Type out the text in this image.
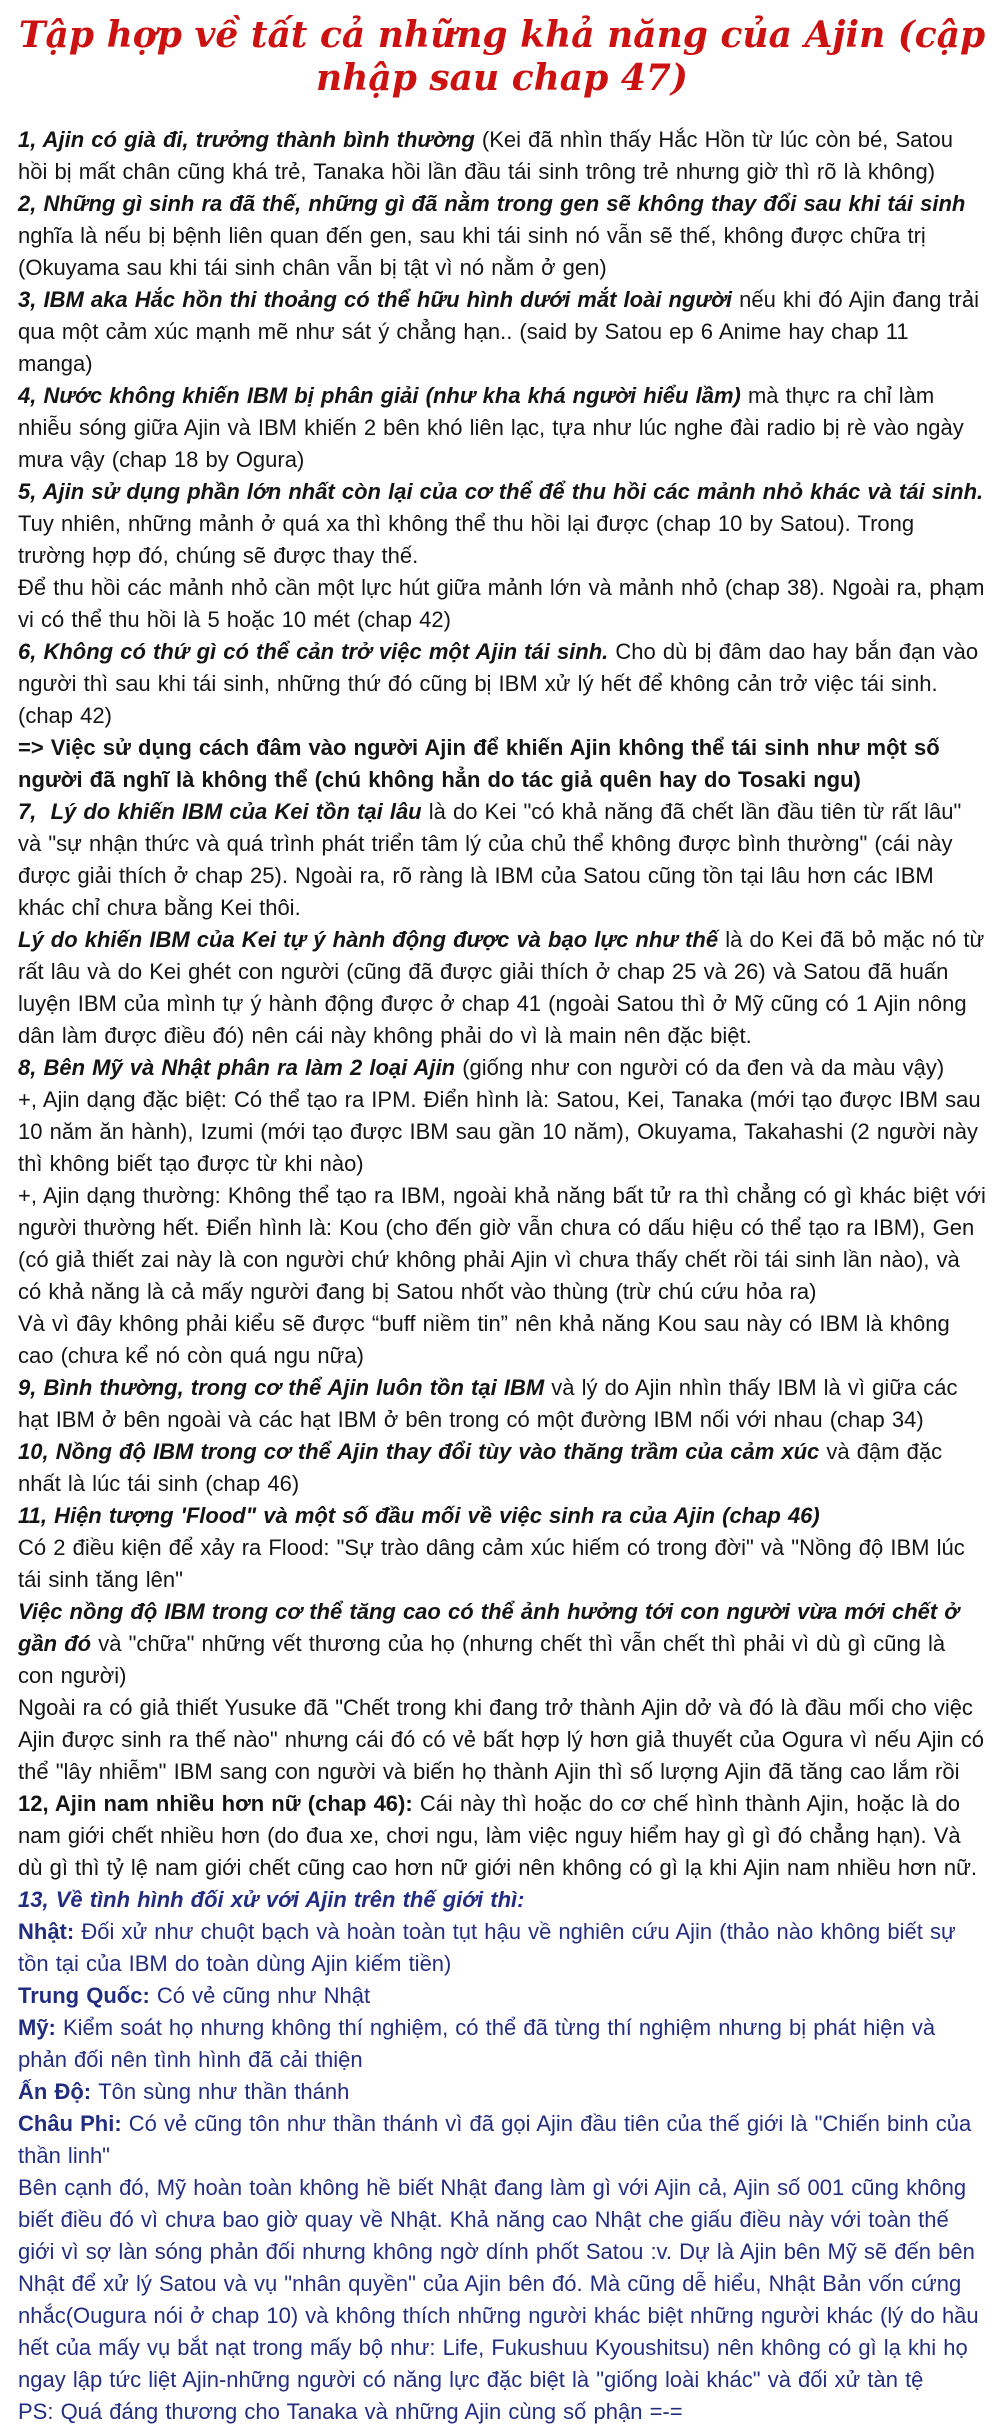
Tập hợp về tất cả những khả năng của Ajin (cập nhập sau chap 47)

1, Ajin có già đi, trưởng thành bình thường (Kei đã nhìn thấy Hắc Hồn từ lúc còn bé, Satou hồi bị mất chân cũng khá trẻ, Tanaka hồi lần đầu tái sinh trông trẻ nhưng giờ thì rõ là không)

2, Những gì sinh ra đã thế, những gì đã nằm trong gen sẽ không thay đổi sau khi tái sinh nghĩa là nếu bị bệnh liên quan đến gen, sau khi tái sinh nó vẫn sẽ thế, không được chữa trị (Okuyama sau khi tái sinh chân vẫn bị tật vì nó nằm ở gen)

3, IBM aka Hắc hồn thi thoảng có thể hữu hình dưới mắt loài người nếu khi đó Ajin đang trải qua một cảm xúc mạnh mẽ như sát ý chẳng hạn.. (said by Satou ep 6 Anime hay chap 11 manga)

4, Nước không khiến IBM bị phân giải (như kha khá người hiểu lầm) mà thực ra chỉ làm nhiễu sóng giữa Ajin và IBM khiến 2 bên khó liên lạc, tựa như lúc nghe đài radio bị rè vào ngày mưa vậy (chap 18 by Ogura)

5, Ajin sử dụng phần lớn nhất còn lại của cơ thể để thu hồi các mảnh nhỏ khác và tái sinh. Tuy nhiên, những mảnh ở quá xa thì không thể thu hồi lại được (chap 10 by Satou). Trong trường hợp đó, chúng sẽ được thay thế.

Để thu hồi các mảnh nhỏ cần một lực hút giữa mảnh lớn và mảnh nhỏ (chap 38). Ngoài ra, phạm vi có thể thu hồi là 5 hoặc 10 mét (chap 42)

6, Không có thứ gì có thể cản trở việc một Ajin tái sinh. Cho dù bị đâm dao hay bắn đạn vào người thì sau khi tái sinh, những thứ đó cũng bị IBM xử lý hết để không cản trở việc tái sinh. (chap 42)

=> Việc sử dụng cách đâm vào người Ajin để khiến Ajin không thể tái sinh như một số người đã nghĩ là không thể (chú không hẳn do tác giả quên hay do Tosaki ngu)

7,  Lý do khiến IBM của Kei tồn tại lâu là do Kei "có khả năng đã chết lần đầu tiên từ rất lâu" và "sự nhận thức và quá trình phát triển tâm lý của chủ thể không được bình thường" (cái này được giải thích ở chap 25). Ngoài ra, rõ ràng là IBM của Satou cũng tồn tại lâu hơn các IBM khác chỉ chưa bằng Kei thôi.

Lý do khiến IBM của Kei tự ý hành động được và bạo lực như thế là do Kei đã bỏ mặc nó từ rất lâu và do Kei ghét con người (cũng đã được giải thích ở chap 25 và 26) và Satou đã huấn luyện IBM của mình tự ý hành động được ở chap 41 (ngoài Satou thì ở Mỹ cũng có 1 Ajin nông dân làm được điều đó) nên cái này không phải do vì là main nên đặc biệt.

8, Bên Mỹ và Nhật phân ra làm 2 loại Ajin (giống như con người có da đen và da màu vậy)

+, Ajin dạng đặc biệt: Có thể tạo ra IPM. Điển hình là: Satou, Kei, Tanaka (mới tạo được IBM sau 10 năm ăn hành), Izumi (mới tạo được IBM sau gần 10 năm), Okuyama, Takahashi (2 người này thì không biết tạo được từ khi nào)

+, Ajin dạng thường: Không thể tạo ra IBM, ngoài khả năng bất tử ra thì chẳng có gì khác biệt với người thường hết. Điển hình là: Kou (cho đến giờ vẫn chưa có dấu hiệu có thể tạo ra IBM), Gen (có giả thiết zai này là con người chứ không phải Ajin vì chưa thấy chết rồi tái sinh lần nào), và có khả năng là cả mấy người đang bị Satou nhốt vào thùng (trừ chú cứu hỏa ra)

Và vì đây không phải kiểu sẽ được “buff niềm tin” nên khả năng Kou sau này có IBM là không cao (chưa kể nó còn quá ngu nữa)

9, Bình thường, trong cơ thể Ajin luôn tồn tại IBM và lý do Ajin nhìn thấy IBM là vì giữa các hạt IBM ở bên ngoài và các hạt IBM ở bên trong có một đường IBM nối với nhau (chap 34)

10, Nồng độ IBM trong cơ thể Ajin thay đổi tùy vào thăng trầm của cảm xúc và đậm đặc nhất là lúc tái sinh (chap 46)

11, Hiện tượng 'Flood" và một số đầu mối về việc sinh ra của Ajin (chap 46)

Có 2 điều kiện để xảy ra Flood: "Sự trào dâng cảm xúc hiếm có trong đời" và "Nồng độ IBM lúc tái sinh tăng lên"

Việc nồng độ IBM trong cơ thể tăng cao có thể ảnh hưởng tới con người vừa mới chết ở gần đó và "chữa" những vết thương của họ (nhưng chết thì vẫn chết thì phải vì dù gì cũng là con người)

Ngoài ra có giả thiết Yusuke đã "Chết trong khi đang trở thành Ajin dở và đó là đầu mối cho việc Ajin được sinh ra thế nào" nhưng cái đó có vẻ bất hợp lý hơn giả thuyết của Ogura vì nếu Ajin có thể "lây nhiễm" IBM sang con người và biến họ thành Ajin thì số lượng Ajin đã tăng cao lắm rồi

12, Ajin nam nhiều hơn nữ (chap 46): Cái này thì hoặc do cơ chế hình thành Ajin, hoặc là do nam giới chết nhiều hơn (do đua xe, chơi ngu, làm việc nguy hiểm hay gì gì đó chẳng hạn). Và dù gì thì tỷ lệ nam giới chết cũng cao hơn nữ giới nên không có gì lạ khi Ajin nam nhiều hơn nữ.

13, Về tình hình đối xử với Ajin trên thế giới thì:

Nhật: Đối xử như chuột bạch và hoàn toàn tụt hậu về nghiên cứu Ajin (thảo nào không biết sự tồn tại của IBM do toàn dùng Ajin kiếm tiền)

Trung Quốc: Có vẻ cũng như Nhật

Mỹ: Kiểm soát họ nhưng không thí nghiệm, có thể đã từng thí nghiệm nhưng bị phát hiện và phản đối nên tình hình đã cải thiện

Ấn Độ: Tôn sùng như thần thánh

Châu Phi: Có vẻ cũng tôn như thần thánh vì đã gọi Ajin đầu tiên của thế giới là "Chiến binh của thần linh"

Bên cạnh đó, Mỹ hoàn toàn không hề biết Nhật đang làm gì với Ajin cả, Ajin số 001 cũng không biết điều đó vì chưa bao giờ quay về Nhật. Khả năng cao Nhật che giấu điều này với toàn thế giới vì sợ làn sóng phản đối nhưng không ngờ dính phốt Satou :v. Dự là Ajin bên Mỹ sẽ đến bên Nhật để xử lý Satou và vụ "nhân quyền" của Ajin bên đó. Mà cũng dễ hiểu, Nhật Bản vốn cứng nhắc(Ougura nói ở chap 10) và không thích những người khác biệt những người khác (lý do hầu hết của mấy vụ bắt nạt trong mấy bộ như: Life, Fukushuu Kyoushitsu) nên không có gì lạ khi họ ngay lập tức liệt Ajin-những người có năng lực đặc biệt là "giống loài khác" và đối xử tàn tệ

PS: Quá đáng thương cho Tanaka và những Ajin cùng số phận =-=
